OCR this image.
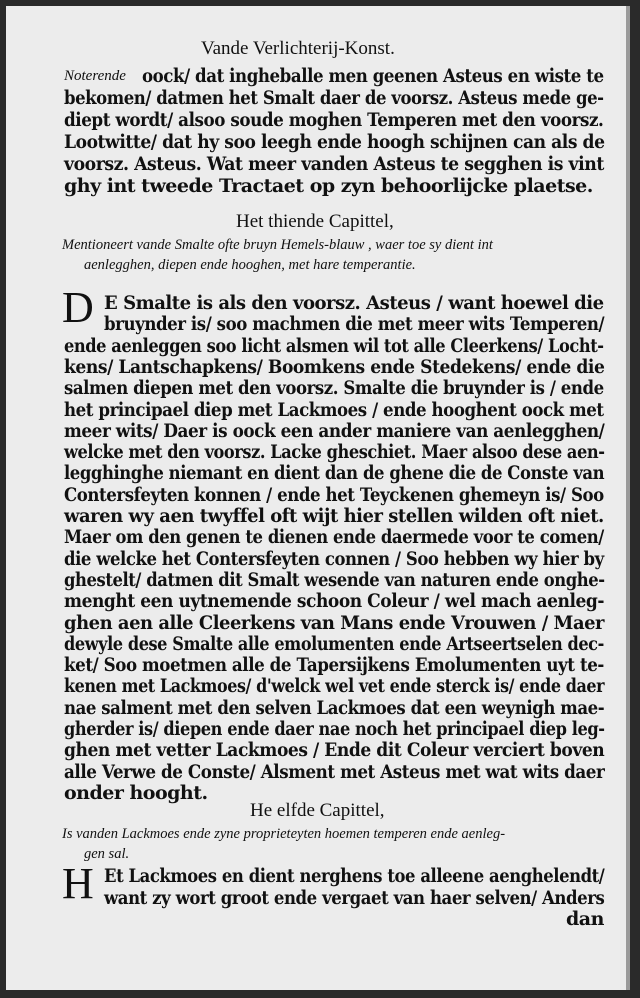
Vande Verlichterij-Konst.
Noterende oock/ dat ingheballe men geenen Asteus en wiste te
bekomen/ datmen het Smalt daer de voorsz. Asteus mede ge-
diept wordt/ alsoo soude moghen Temperen met den voorsz.
Lootwitte/ dat hy soo leegh ende hoogh schijnen can als de
voorsz. Asteus. Wat meer vanden Asteus te segghen is vint
ghy int tweede Tractaet op zyn behoorlijcke plaetse.
Het thiende Capittel,
Mentioneert vande Smalte ofte bruyn Hemels-blauw , waer toe sy dient int
aenlegghen, diepen ende hooghen, met hare temperantie.
D E Smalte is als den voorsz. Asteus / want hoewel die
bruynder is/ soo machmen die met meer wits Temperen/
ende aenleggen soo licht alsmen wil tot alle Cleerkens/ Locht-
kens/ Lantschapkens/ Boomkens ende Stedekens/ ende die
salmen diepen met den voorsz. Smalte die bruynder is / ende
het principael diep met Lackmoes / ende hooghent oock met
meer wits/ Daer is oock een ander maniere van aenlegghen/
welcke met den voorsz. Lacke gheschiet. Maer alsoo dese aen-
legghinghe niemant en dient dan de ghene die de Conste van
Contersfeyten konnen / ende het Teyckenen ghemeyn is/ Soo
waren wy aen twyffel oft wijt hier stellen wilden oft niet.
Maer om den genen te dienen ende daermede voor te comen/
die welcke het Contersfeyten connen / Soo hebben wy hier by
ghestelt/ datmen dit Smalt wesende van naturen ende onghe-
menght een uytnemende schoon Coleur / wel mach aenleg-
ghen aen alle Cleerkens van Mans ende Vrouwen / Maer
dewyle dese Smalte alle emolumenten ende Artseertselen dec-
ket/ Soo moetmen alle de Tapersijkens Emolumenten uyt te-
kenen met Lackmoes/ d'welck wel vet ende sterck is/ ende daer
nae salment met den selven Lackmoes dat een weynigh mae-
gherder is/ diepen ende daer nae noch het principael diep leg-
ghen met vetter Lackmoes / Ende dit Coleur verciert boven
alle Verwe de Conste/ Alsment met Asteus met wat wits daer
onder hooght.
He elfde Capittel,
Is vanden Lackmoes ende zyne proprieteyten hoemen temperen ende aenleg-
gen sal.
H Et Lackmoes en dient nerghens toe alleene aenghelendt/
want zy wort groot ende vergaet van haer selven/ Anders
dan
